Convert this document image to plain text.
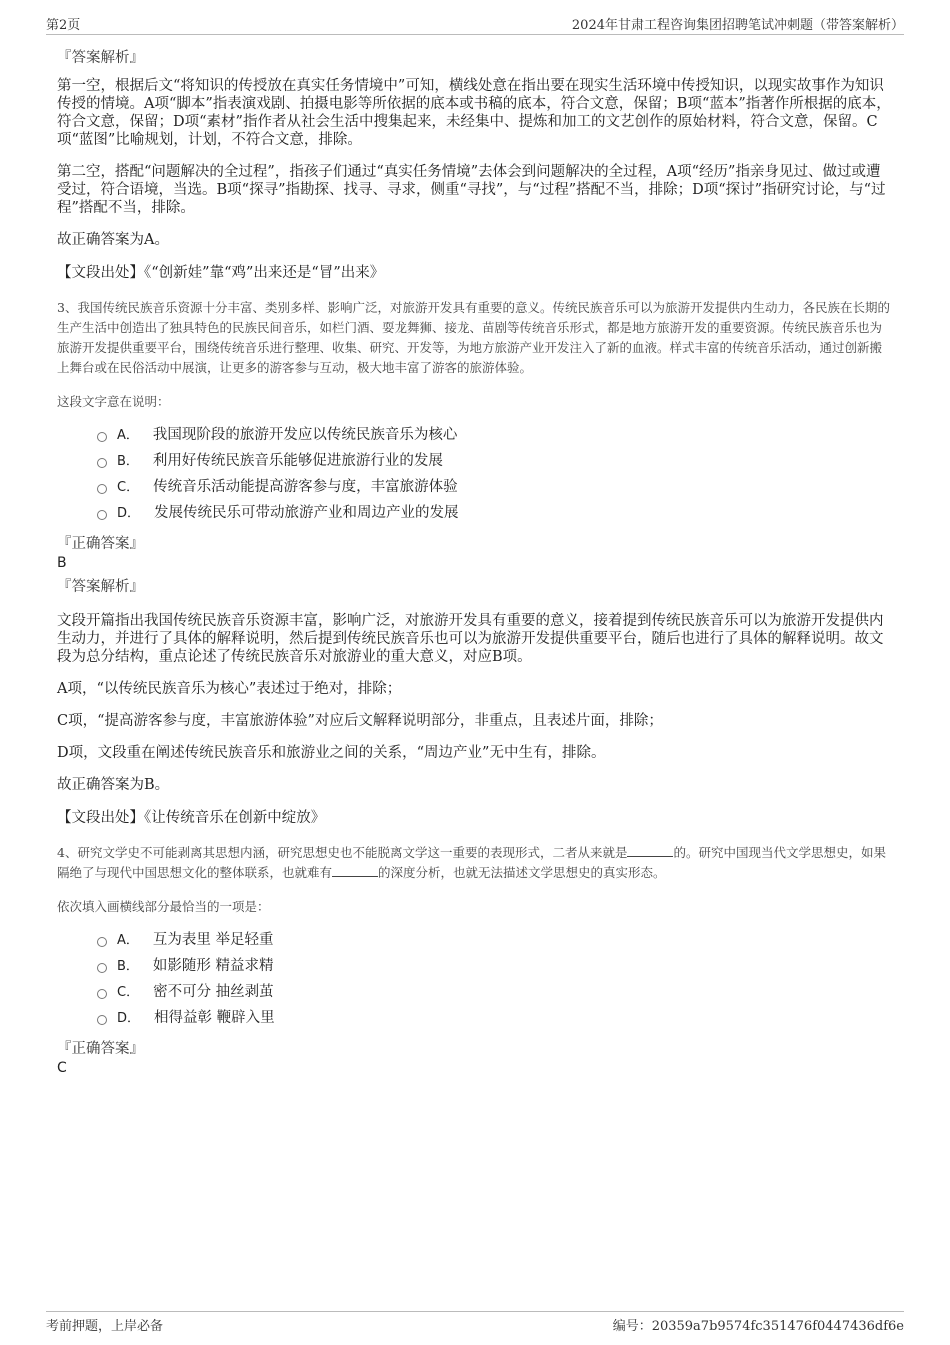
第2页	2024年甘肃工程咨询集团招聘笔试冲刺题（带答案解析）

『答案解析』

第一空，根据后文“将知识的传授放在真实任务情境中”可知，横线处意在指出要在现实生活环境中传授知识，以现实故事作为知识传授的情境。A项“脚本”指表演戏剧、拍摄电影等所依据的底本或书稿的底本，符合文意，保留；B项“蓝本”指著作所根据的底本，符合文意，保留；D项“素材”指作者从社会生活中搜集起来，未经集中、提炼和加工的文艺创作的原始材料，符合文意，保留。C项“蓝图”比喻规划，计划，不符合文意，排除。

第二空，搭配“问题解决的全过程”，指孩子们通过“真实任务情境”去体会到问题解决的全过程，A项“经历”指亲身见过、做过或遭受过，符合语境，当选。B项“探寻”指勘探、找寻、寻求，侧重“寻找”，与“过程”搭配不当，排除；D项“探讨”指研究讨论，与“过程”搭配不当，排除。

故正确答案为A。

【文段出处】《“创新娃”靠“鸡”出来还是“冒”出来》

3、我国传统民族音乐资源十分丰富、类别多样、影响广泛，对旅游开发具有重要的意义。传统民族音乐可以为旅游开发提供内生动力，各民族在长期的生产生活中创造出了独具特色的民族民间音乐，如栏门酒、耍龙舞狮、接龙、苗剧等传统音乐形式，都是地方旅游开发的重要资源。传统民族音乐也为旅游开发提供重要平台，围绕传统音乐进行整理、收集、研究、开发等，为地方旅游产业开发注入了新的血液。样式丰富的传统音乐活动，通过创新搬上舞台或在民俗活动中展演，让更多的游客参与互动，极大地丰富了游客的旅游体验。

这段文字意在说明：

A． 我国现阶段的旅游开发应以传统民族音乐为核心
B． 利用好传统民族音乐能够促进旅游行业的发展
C． 传统音乐活动能提高游客参与度，丰富旅游体验
D． 发展传统民乐可带动旅游产业和周边产业的发展

『正确答案』

B

『答案解析』

文段开篇指出我国传统民族音乐资源丰富，影响广泛，对旅游开发具有重要的意义，接着提到传统民族音乐可以为旅游开发提供内生动力，并进行了具体的解释说明，然后提到传统民族音乐也可以为旅游开发提供重要平台，随后也进行了具体的解释说明。故文段为总分结构，重点论述了传统民族音乐对旅游业的重大意义，对应B项。

A项，“以传统民族音乐为核心”表述过于绝对，排除；

C项，“提高游客参与度，丰富旅游体验”对应后文解释说明部分，非重点，且表述片面，排除；

D项，文段重在阐述传统民族音乐和旅游业之间的关系，“周边产业”无中生有，排除。

故正确答案为B。

【文段出处】《让传统音乐在创新中绽放》

4、研究文学史不可能剥离其思想内涵，研究思想史也不能脱离文学这一重要的表现形式，二者从来就是	的。研究中国现当代文学思想史，如果隔绝了与现代中国思想文化的整体联系，也就难有	的深度分析，也就无法描述文学思想史的真实形态。

依次填入画横线部分最恰当的一项是：

A． 互为表里 举足轻重
B． 如影随形 精益求精
C． 密不可分 抽丝剥茧
D． 相得益彰 鞭辟入里

『正确答案』

C

考前押题，上岸必备	编号：20359a7b9574fc351476f0447436df6e
